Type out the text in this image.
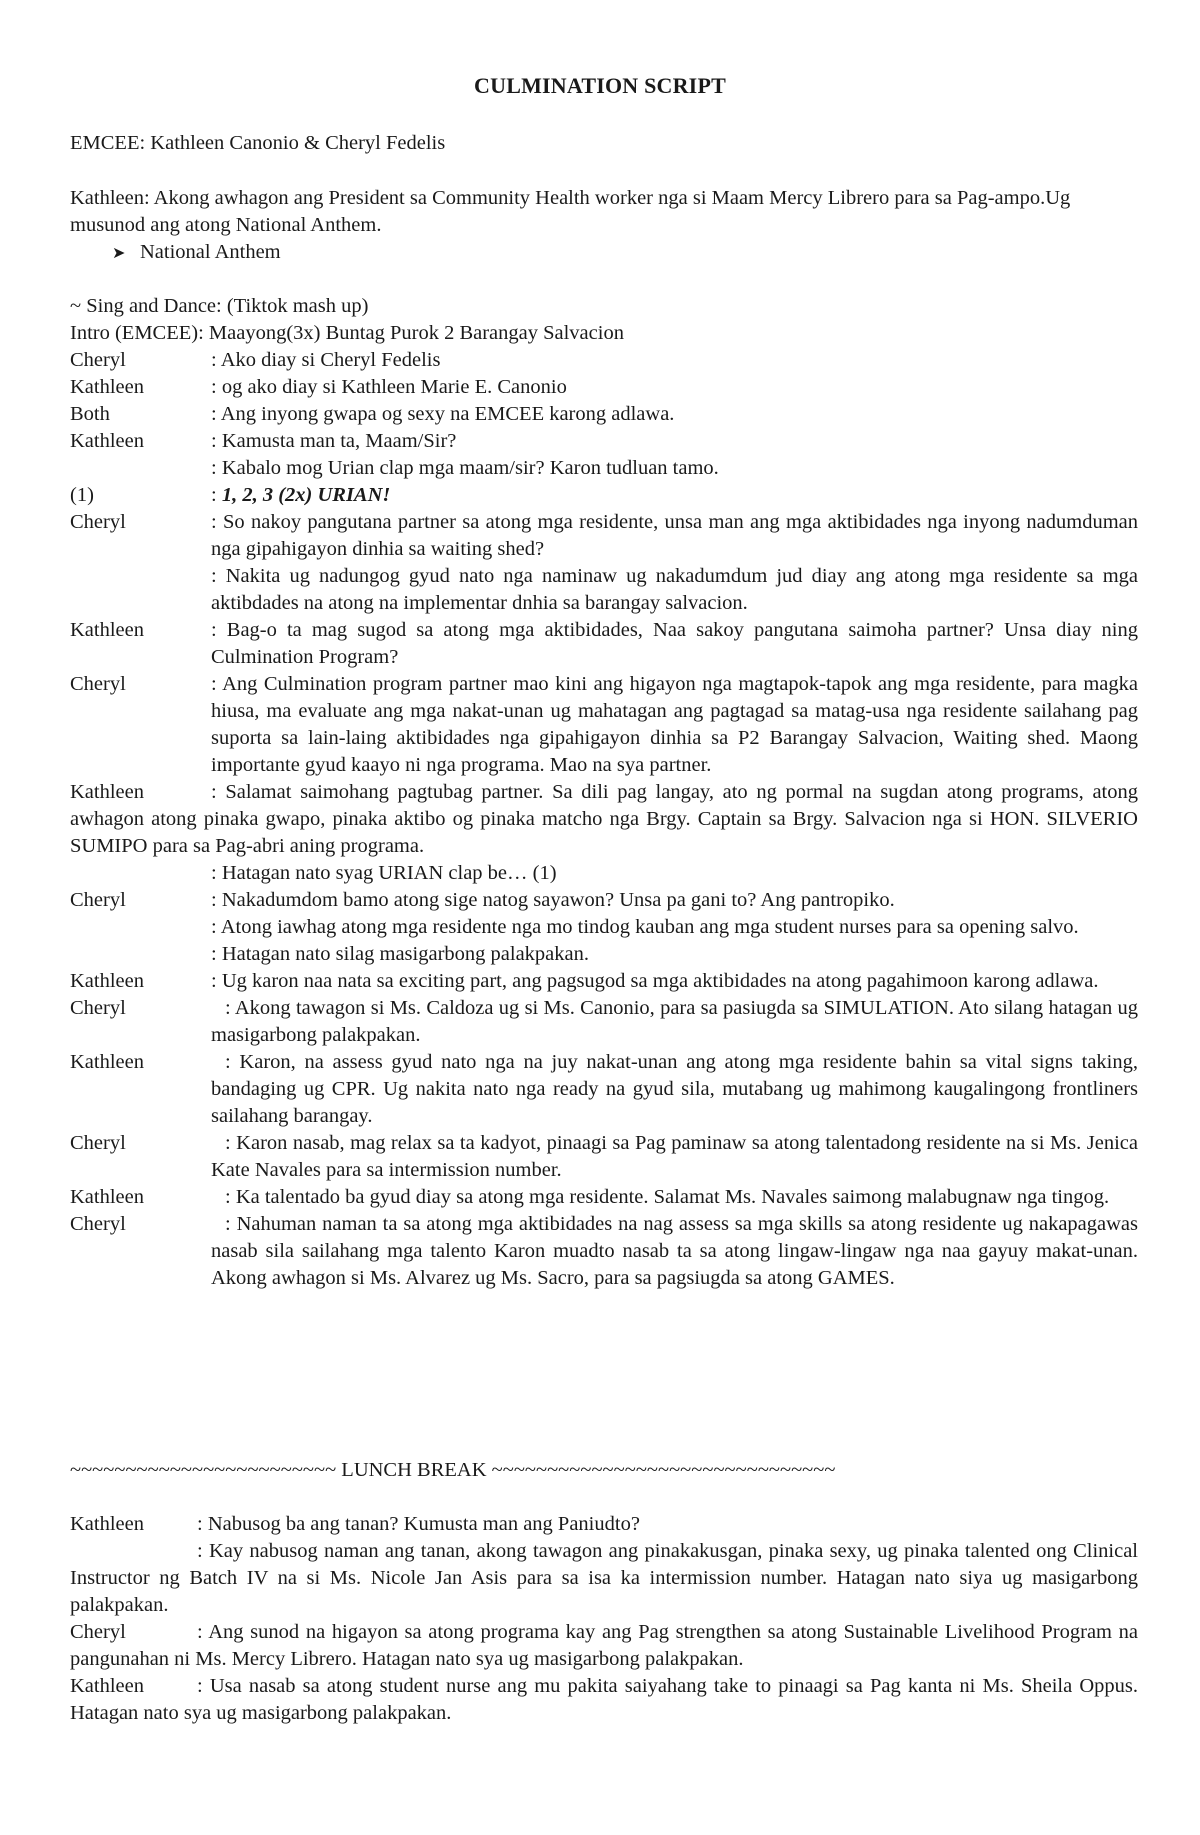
CULMINATION SCRIPT
EMCEE: Kathleen Canonio & Cheryl Fedelis
Kathleen: Akong awhagon ang President sa Community Health worker nga si Maam Mercy Librero para sa Pag-ampo.Ug musunod ang atong National Anthem.
➤ National Anthem
~ Sing and Dance: (Tiktok mash up)
Intro (EMCEE): Maayong(3x) Buntag Purok 2 Barangay Salvacion
Cheryl	: Ako diay si Cheryl Fedelis
Kathleen	: og ako diay si Kathleen Marie E. Canonio
Both	: Ang inyong gwapa og sexy na EMCEE karong adlawa.
Kathleen	: Kamusta man ta, Maam/Sir?
: Kabalo mog Urian clap mga maam/sir? Karon tudluan tamo.
(1)	: 1, 2, 3 (2x) URIAN!
Cheryl	: So nakoy pangutana partner sa atong mga residente, unsa man ang mga aktibidades nga inyong nadumduman nga gipahigayon dinhia sa waiting shed?
: Nakita ug nadungog gyud nato nga naminaw ug nakadumdum jud diay ang atong mga residente sa mga aktibdades na atong na implementar dnhia sa barangay salvacion.
Kathleen	: Bag-o ta mag sugod sa atong mga aktibidades, Naa sakoy pangutana saimoha partner? Unsa diay ning Culmination Program?
Cheryl	: Ang Culmination program partner mao kini ang higayon nga magtapok-tapok ang mga residente, para magka hiusa, ma evaluate ang mga nakat-unan ug mahatagan ang pagtagad sa matag-usa nga residente sailahang pag suporta sa lain-laing aktibidades nga gipahigayon dinhia sa P2 Barangay Salvacion, Waiting shed. Maong importante gyud kaayo ni nga programa. Mao na sya partner.
Kathleen	: Salamat saimohang pagtubag partner. Sa dili pag langay, ato ng pormal na sugdan atong programs, atong awhagon atong pinaka gwapo, pinaka aktibo og pinaka matcho nga Brgy. Captain sa Brgy. Salvacion nga si HON. SILVERIO SUMIPO para sa Pag-abri aning programa.
: Hatagan nato syag URIAN clap be… (1)
Cheryl	: Nakadumdom bamo atong sige natog sayawon? Unsa pa gani to? Ang pantropiko.
: Atong iawhag atong mga residente nga mo tindog kauban ang mga student nurses para sa opening salvo.
: Hatagan nato silag masigarbong palakpakan.
Kathleen	: Ug karon naa nata sa exciting part, ang pagsugod sa mga aktibidades na atong pagahimoon karong adlawa.
Cheryl	: Akong tawagon si Ms. Caldoza ug si Ms. Canonio, para sa pasiugda sa SIMULATION. Ato silang hatagan ug masigarbong palakpakan.
Kathleen	: Karon, na assess gyud nato nga na juy nakat-unan ang atong mga residente bahin sa vital signs taking, bandaging ug CPR. Ug nakita nato nga ready na gyud sila, mutabang ug mahimong kaugalingong frontliners sailahang barangay.
Cheryl	: Karon nasab, mag relax sa ta kadyot, pinaagi sa Pag paminaw sa atong talentadong residente na si Ms. Jenica Kate Navales para sa intermission number.
Kathleen	: Ka talentado ba gyud diay sa atong mga residente. Salamat Ms. Navales saimong malabugnaw nga tingog.
Cheryl	: Nahuman naman ta sa atong mga aktibidades na nag assess sa mga skills sa atong residente ug nakapagawas nasab sila sailahang mga talento Karon muadto nasab ta sa atong lingaw-lingaw nga naa gayuy makat-unan. Akong awhagon si Ms. Alvarez ug Ms. Sacro, para sa pagsiugda sa atong GAMES.
~~~~~~~~~~~~~~~~~~~~~~~~ LUNCH BREAK ~~~~~~~~~~~~~~~~~~~~~~~~~~~~~~~
Kathleen	: Nabusog ba ang tanan? Kumusta man ang Paniudto?
: Kay nabusog naman ang tanan, akong tawagon ang pinakakusgan, pinaka sexy, ug pinaka talented ong Clinical Instructor ng Batch IV na si Ms. Nicole Jan Asis para sa isa ka intermission number. Hatagan nato siya ug masigarbong palakpakan.
Cheryl	: Ang sunod na higayon sa atong programa kay ang Pag strengthen sa atong Sustainable Livelihood Program na pangunahan ni Ms. Mercy Librero. Hatagan nato sya ug masigarbong palakpakan.
Kathleen	: Usa nasab sa atong student nurse ang mu pakita saiyahang take to pinaagi sa Pag kanta ni Ms. Sheila Oppus. Hatagan nato sya ug masigarbong palakpakan.
